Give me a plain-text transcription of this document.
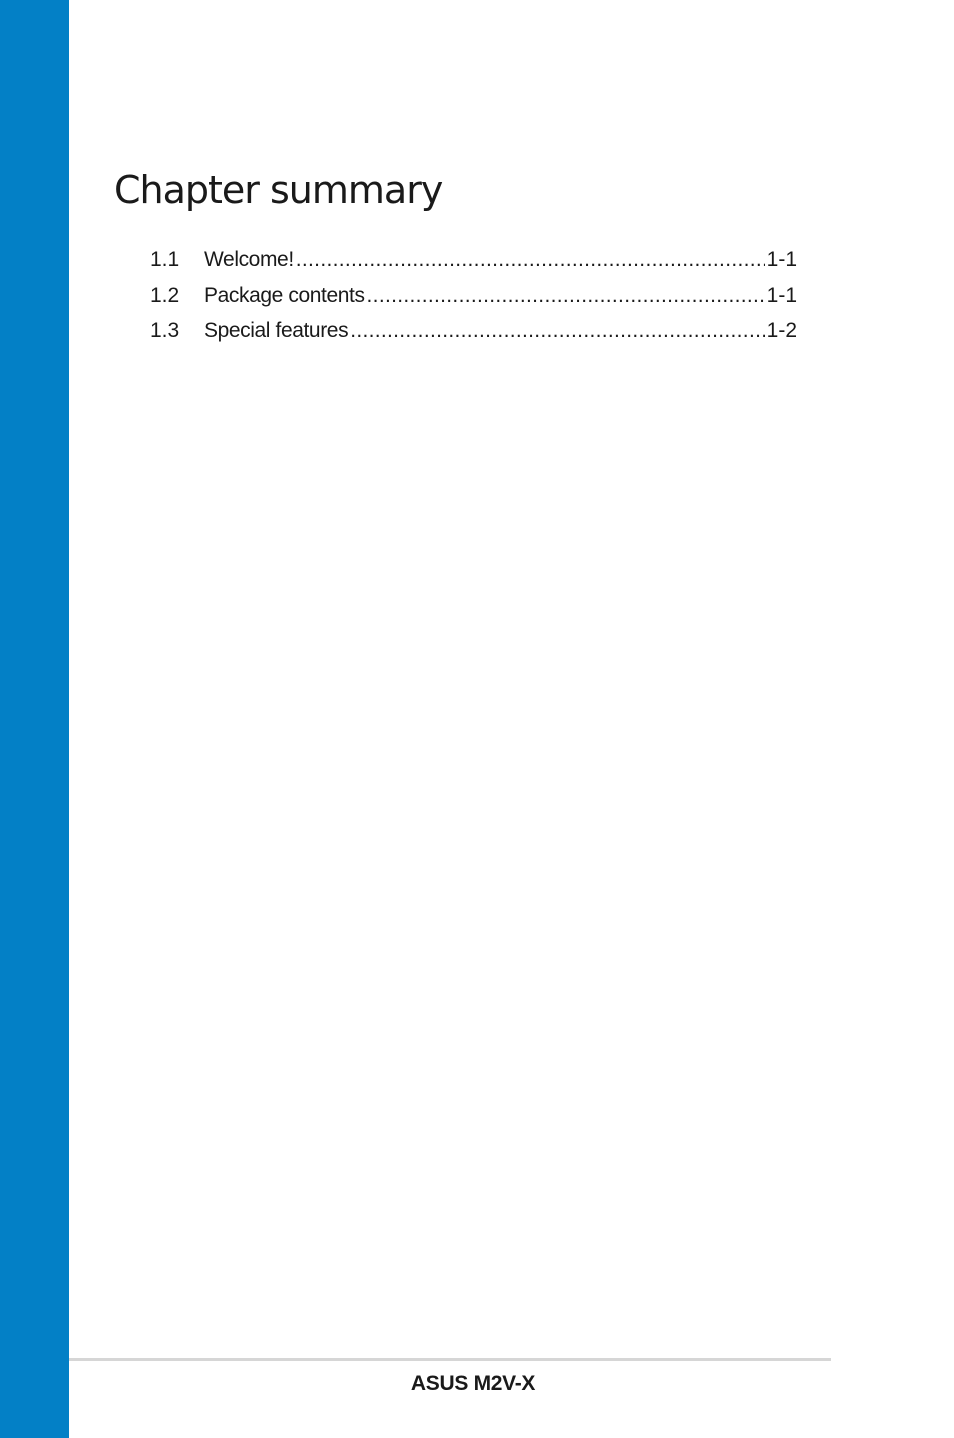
Chapter summary
1.1	Welcome! .....	1-1
1.2	Package contents .....	1-1
1.3	Special features .....	1-2
ASUS M2V-X
